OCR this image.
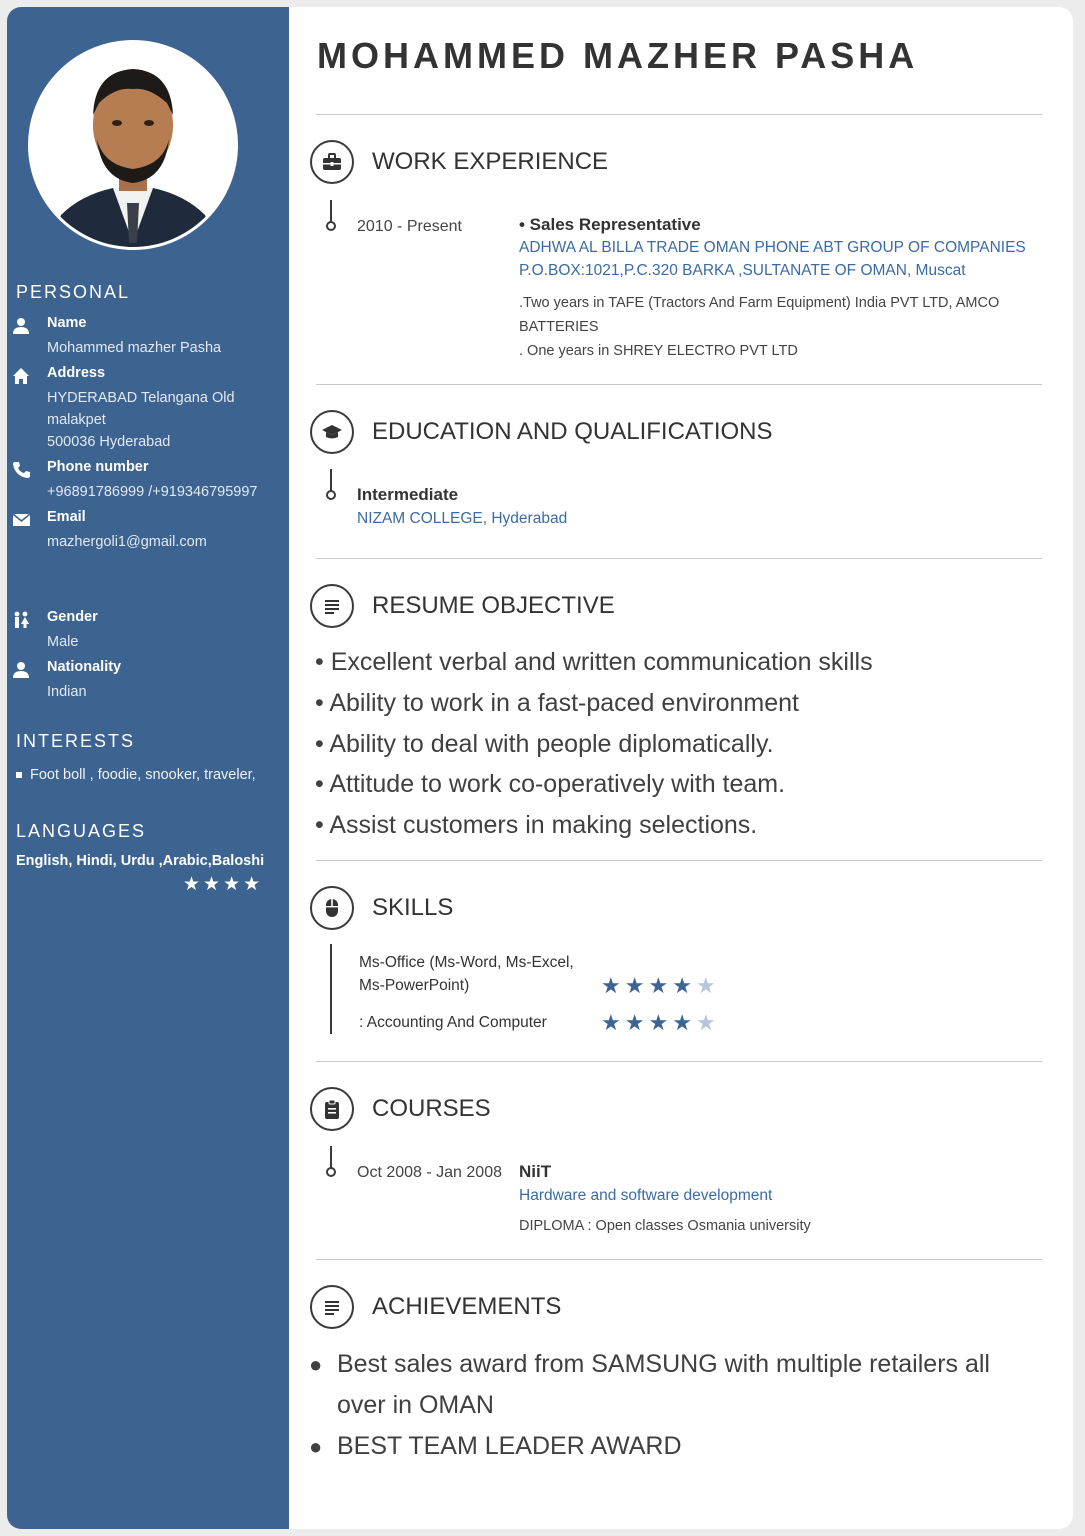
PERSONAL
Name
Mohammed mazher Pasha
Address
HYDERABAD Telangana Old
malakpet
500036 Hyderabad
Phone number
+96891786999 /+919346795997
Email
mazhergoli1@gmail.com
Gender
Male
Nationality
Indian
INTERESTS
Foot boll , foodie, snooker, traveler,
LANGUAGES
English, Hindi, Urdu ,Arabic,Baloshi
★★★★
MOHAMMED MAZHER PASHA
WORK EXPERIENCE
2010 - Present	• Sales Representative
ADHWA AL BILLA TRADE OMAN PHONE ABT GROUP OF COMPANIES
P.O.BOX:1021,P.C.320 BARKA ,SULTANATE OF OMAN, Muscat
.Two years in TAFE (Tractors And Farm Equipment) India PVT LTD, AMCO
BATTERIES
. One years in SHREY ELECTRO PVT LTD
EDUCATION AND QUALIFICATIONS
Intermediate
NIZAM COLLEGE, Hyderabad
RESUME OBJECTIVE
• Excellent verbal and written communication skills
• Ability to work in a fast-paced environment
• Ability to deal with people diplomatically.
• Attitude to work co-operatively with team.
• Assist customers in making selections.
SKILLS
Ms-Office (Ms-Word, Ms-Excel,
Ms-PowerPoint)	★★★★★
: Accounting And Computer ★★★★★
COURSES
Oct 2008 - Jan 2008 NiiT
Hardware and software development
DIPLOMA : Open classes Osmania university
ACHIEVEMENTS
● Best sales award from SAMSUNG with multiple retailers all
over in OMAN
● BEST TEAM LEADER AWARD
